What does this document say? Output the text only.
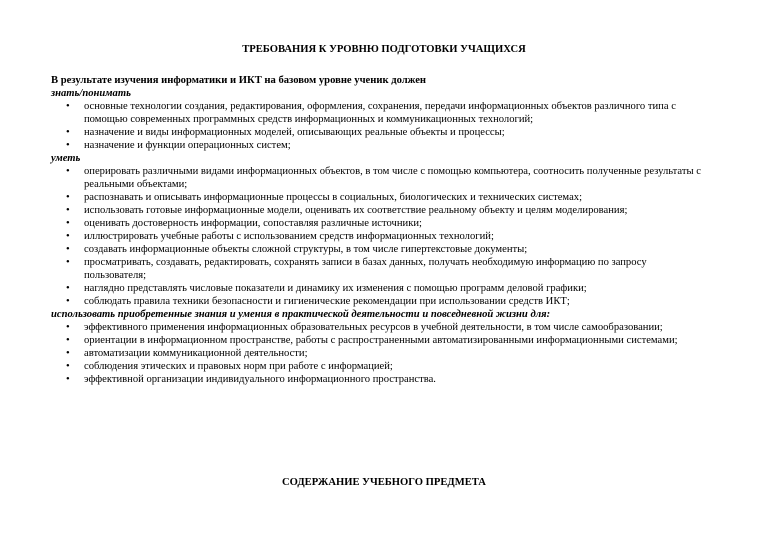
ТРЕБОВАНИЯ К УРОВНЮ ПОДГОТОВКИ УЧАЩИХСЯ
В результате изучения информатики и ИКТ на базовом уровне ученик должен
знать/понимать
• основные технологии создания, редактирования, оформления, сохранения, передачи информационных объектов различного типа с помощью современных программных средств информационных и коммуникационных технологий;
• назначение и виды информационных моделей, описывающих реальные объекты и процессы;
• назначение и функции операционных систем;
уметь
• оперировать различными видами информационных объектов, в том числе с помощью компьютера, соотносить полученные результаты с реальными объектами;
• распознавать и описывать информационные процессы в социальных, биологических и технических системах;
• использовать готовые информационные модели, оценивать их соответствие реальному объекту и целям моделирования;
• оценивать достоверность информации, сопоставляя различные источники;
• иллюстрировать учебные работы с использованием средств информационных технологий;
• создавать информационные объекты сложной структуры, в том числе гипертекстовые документы;
• просматривать, создавать, редактировать, сохранять записи в базах данных, получать необходимую информацию по запросу пользователя;
• наглядно представлять числовые показатели и динамику их изменения с помощью программ деловой графики;
• соблюдать правила техники безопасности и гигиенические рекомендации при использовании средств ИКТ;
использовать приобретенные знания и умения в практической деятельности и повседневной жизни для:
• эффективного применения информационных образовательных ресурсов в учебной деятельности, в том числе самообразовании;
• ориентации в информационном пространстве, работы с распространенными автоматизированными информационными системами;
• автоматизации коммуникационной деятельности;
• соблюдения этических и правовых норм при работе с информацией;
• эффективной организации индивидуального информационного пространства.
СОДЕРЖАНИЕ УЧЕБНОГО ПРЕДМЕТА
